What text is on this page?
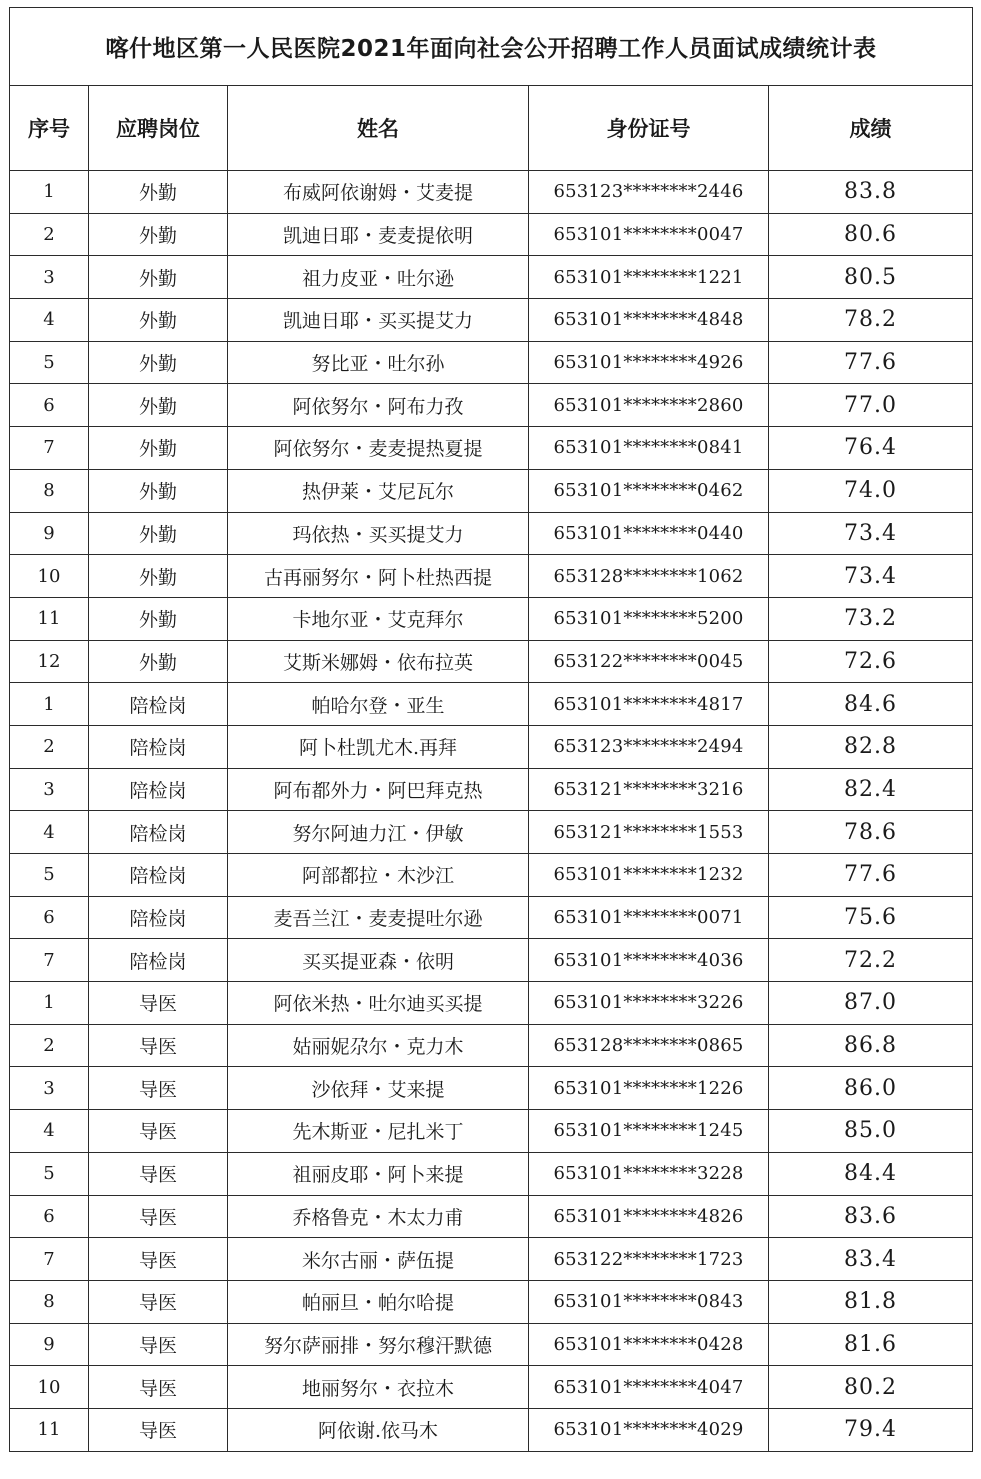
喀什地区第一人民医院2021年面向社会公开招聘工作人员面试成绩统计表				
序号	应聘岗位	姓名	身份证号	成绩
1	外勤	布威阿依谢姆・艾麦提	653123********2446	83.8
2	外勤	凯迪日耶・麦麦提依明	653101********0047	80.6
3	外勤	祖力皮亚・吐尔逊	653101********1221	80.5
4	外勤	凯迪日耶・买买提艾力	653101********4848	78.2
5	外勤	努比亚・吐尔孙	653101********4926	77.6
6	外勤	阿依努尔・阿布力孜	653101********2860	77.0
7	外勤	阿依努尔・麦麦提热夏提	653101********0841	76.4
8	外勤	热伊莱・艾尼瓦尔	653101********0462	74.0
9	外勤	玛依热・买买提艾力	653101********0440	73.4
10	外勤	古再丽努尔・阿卜杜热西提	653128********1062	73.4
11	外勤	卡地尔亚・艾克拜尔	653101********5200	73.2
12	外勤	艾斯米娜姆・依布拉英	653122********0045	72.6
1	陪检岗	帕哈尔登・亚生	653101********4817	84.6
2	陪检岗	阿卜杜凯尤木.再拜	653123********2494	82.8
3	陪检岗	阿布都外力・阿巴拜克热	653121********3216	82.4
4	陪检岗	努尔阿迪力江・伊敏	653121********1553	78.6
5	陪检岗	阿部都拉・木沙江	653101********1232	77.6
6	陪检岗	麦吾兰江・麦麦提吐尔逊	653101********0071	75.6
7	陪检岗	买买提亚森・依明	653101********4036	72.2
1	导医	阿依米热・吐尔迪买买提	653101********3226	87.0
2	导医	姑丽妮尕尔・克力木	653128********0865	86.8
3	导医	沙依拜・艾来提	653101********1226	86.0
4	导医	先木斯亚・尼扎米丁	653101********1245	85.0
5	导医	祖丽皮耶・阿卜来提	653101********3228	84.4
6	导医	乔格鲁克・木太力甫	653101********4826	83.6
7	导医	米尔古丽・萨伍提	653122********1723	83.4
8	导医	帕丽旦・帕尔哈提	653101********0843	81.8
9	导医	努尔萨丽排・努尔穆汗默德	653101********0428	81.6
10	导医	地丽努尔・衣拉木	653101********4047	80.2
11	导医	阿依谢.依马木	653101********4029	79.4
